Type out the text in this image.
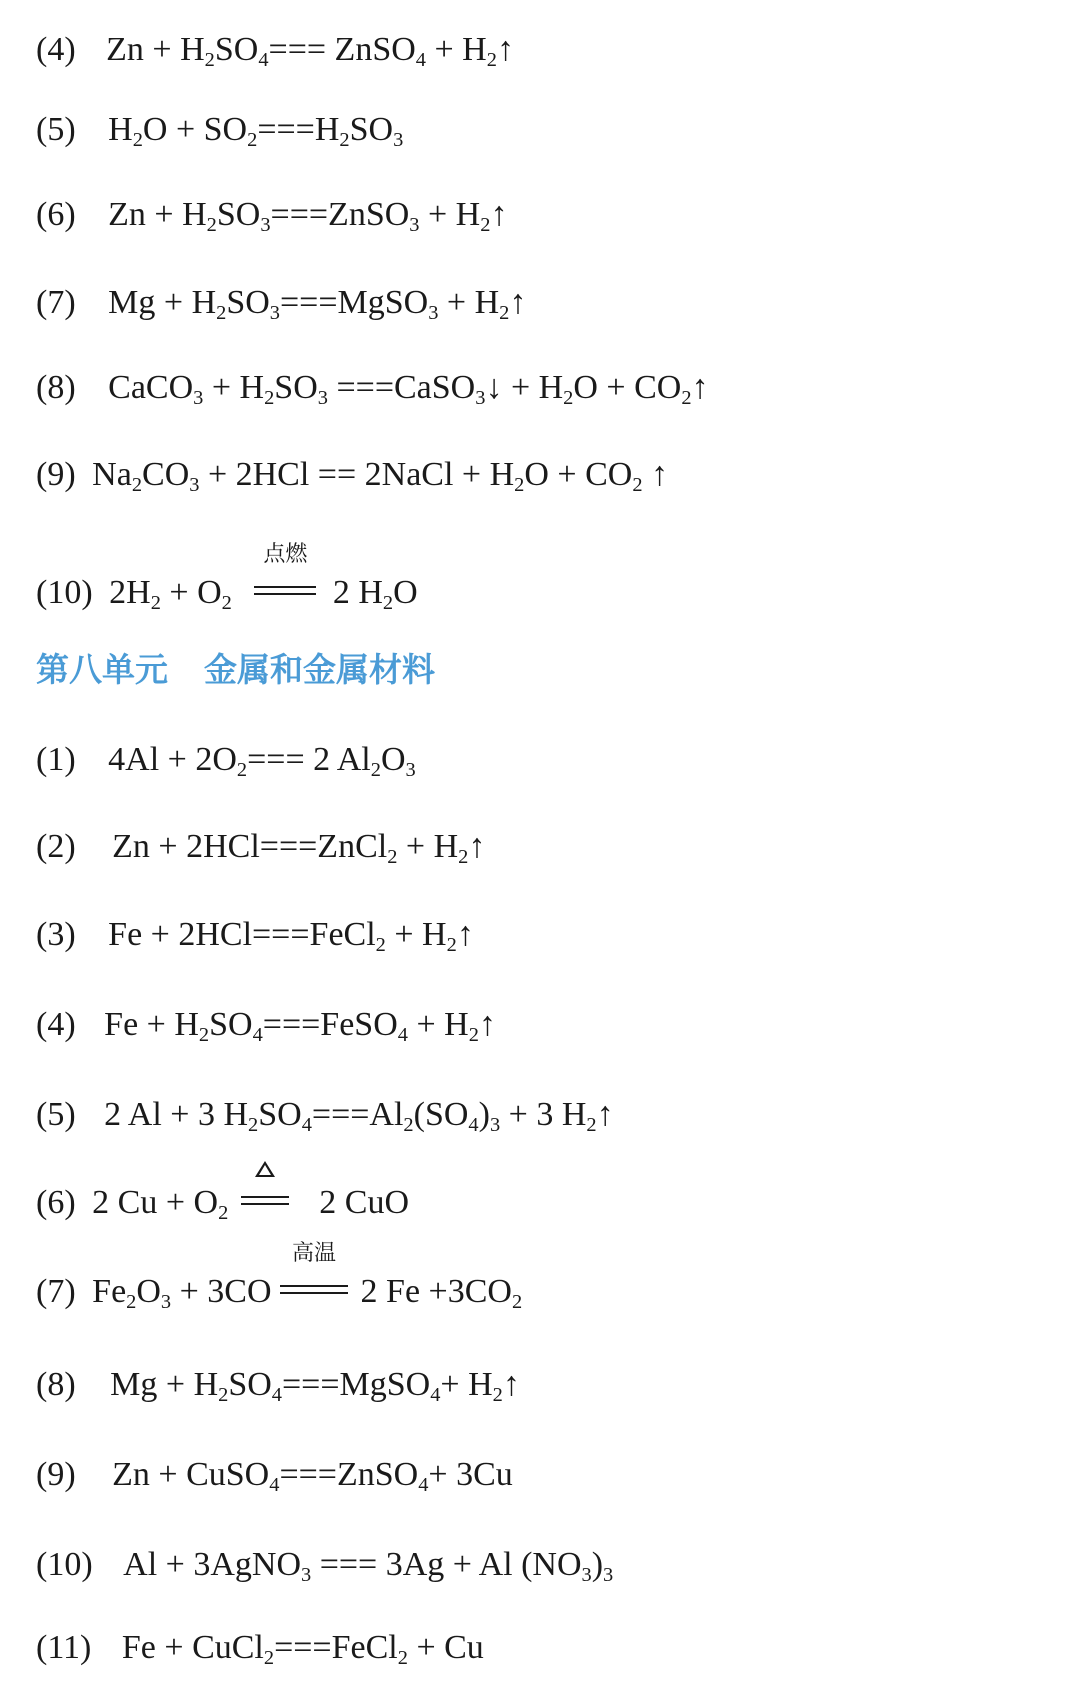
(4) $Zn + H_2SO_4===$ ZnSO$_4$ + $H_2↑$
(5) $H_2O + SO_2===H_2SO_3$
(6) $Zn + H_2SO_3===ZnSO_3$ + $H_2↑$
(7) $Mg + H_2SO_3===MgSO_3$ + $H_2↑$
(8) CaCO$_3$ + $H_2SO_3$ ===CaSO$_3$↓ + $H_2O$ + $CO_2↑$
(9) $Na_2CO_3 + 2HCl$ == 2NaCl + $H_2O + CO_2$ ↑
(10) $2H_2 + O_2$
点燃
2 $H_2O$
第八单元 金属和金属材料
(1) $4Al + 2O_2=== 2$ $Al_2O_3$
(2) Zn + 2HCl===ZnCl$_2$ + $H_2↑$
(3) Fe + 2HCl===FeCl$_2$ + $H_2↑$
(4) $Fe + H_2SO_4===FeSO_4$ + $H_2↑$
(5) 2 Al + 3 $H_2SO_4===Al_2(SO_4)_3 + 3$ $H_2↑$
(6) 2 $Cu + O_2$	2 CuO
(7) $Fe_2O_3 + 3CO$
高温
2 $Fe +3CO_2$
(8) $Mg + H_2SO_4===MgSO_4+$ $H_2↑$
(9) Zn + CuSO$_4$===ZnSO$_4$+ 3Cu
(10) Al + 3AgNO$_3$ === 3Ag + Al $(NO_3)_3$
(11) Fe + CuCl$_2$===FeCl$_2$ + Cu
